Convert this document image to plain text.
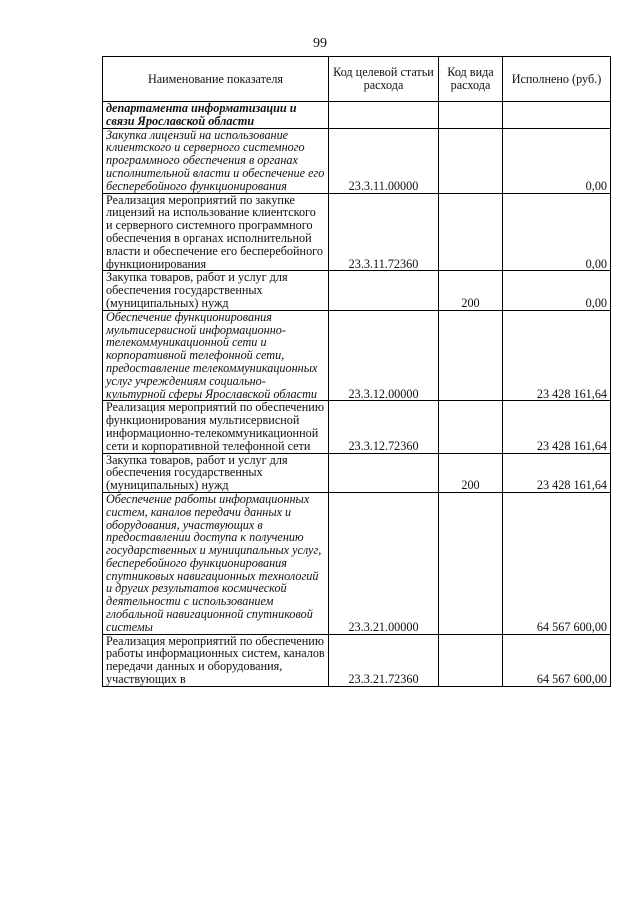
99
Наименование показателя	Код целевой статьи расхода	Код вида расхода	Исполнено (руб.)
департамента информатизации и связи Ярославской области			
Закупка лицензий на использование клиентского и серверного системного программного обеспечения в органах исполнительной власти и обеспечение его бесперебойного функционирования	23.3.11.00000		0,00
Реализация мероприятий по закупке лицензий на использование клиентского и серверного системного программного обеспечения в органах исполнительной власти и обеспечение его бесперебойного функционирования	23.3.11.72360		0,00
Закупка товаров, работ и услуг для обеспечения государственных (муниципальных) нужд		200	0,00
Обеспечение функционирования мультисервисной информационно-телекоммуникационной сети и корпоративной телефонной сети, предоставление телекоммуникационных услуг учреждениям социально-культурной сферы Ярославской области	23.3.12.00000		23 428 161,64
Реализация мероприятий по обеспечению функционирования мультисервисной информационно-телекоммуникационной сети и корпоративной телефонной сети	23.3.12.72360		23 428 161,64
Закупка товаров, работ и услуг для обеспечения государственных (муниципальных) нужд		200	23 428 161,64
Обеспечение работы информационных систем, каналов передачи данных и оборудования, участвующих в предоставлении доступа к получению государственных и муниципальных услуг, бесперебойного функционирования спутниковых навигационных технологий и других результатов космической деятельности с использованием глобальной навигационной спутниковой системы	23.3.21.00000		64 567 600,00
Реализация мероприятий по обеспечению работы информационных систем, каналов передачи данных и оборудования, участвующих в	23.3.21.72360		64 567 600,00
